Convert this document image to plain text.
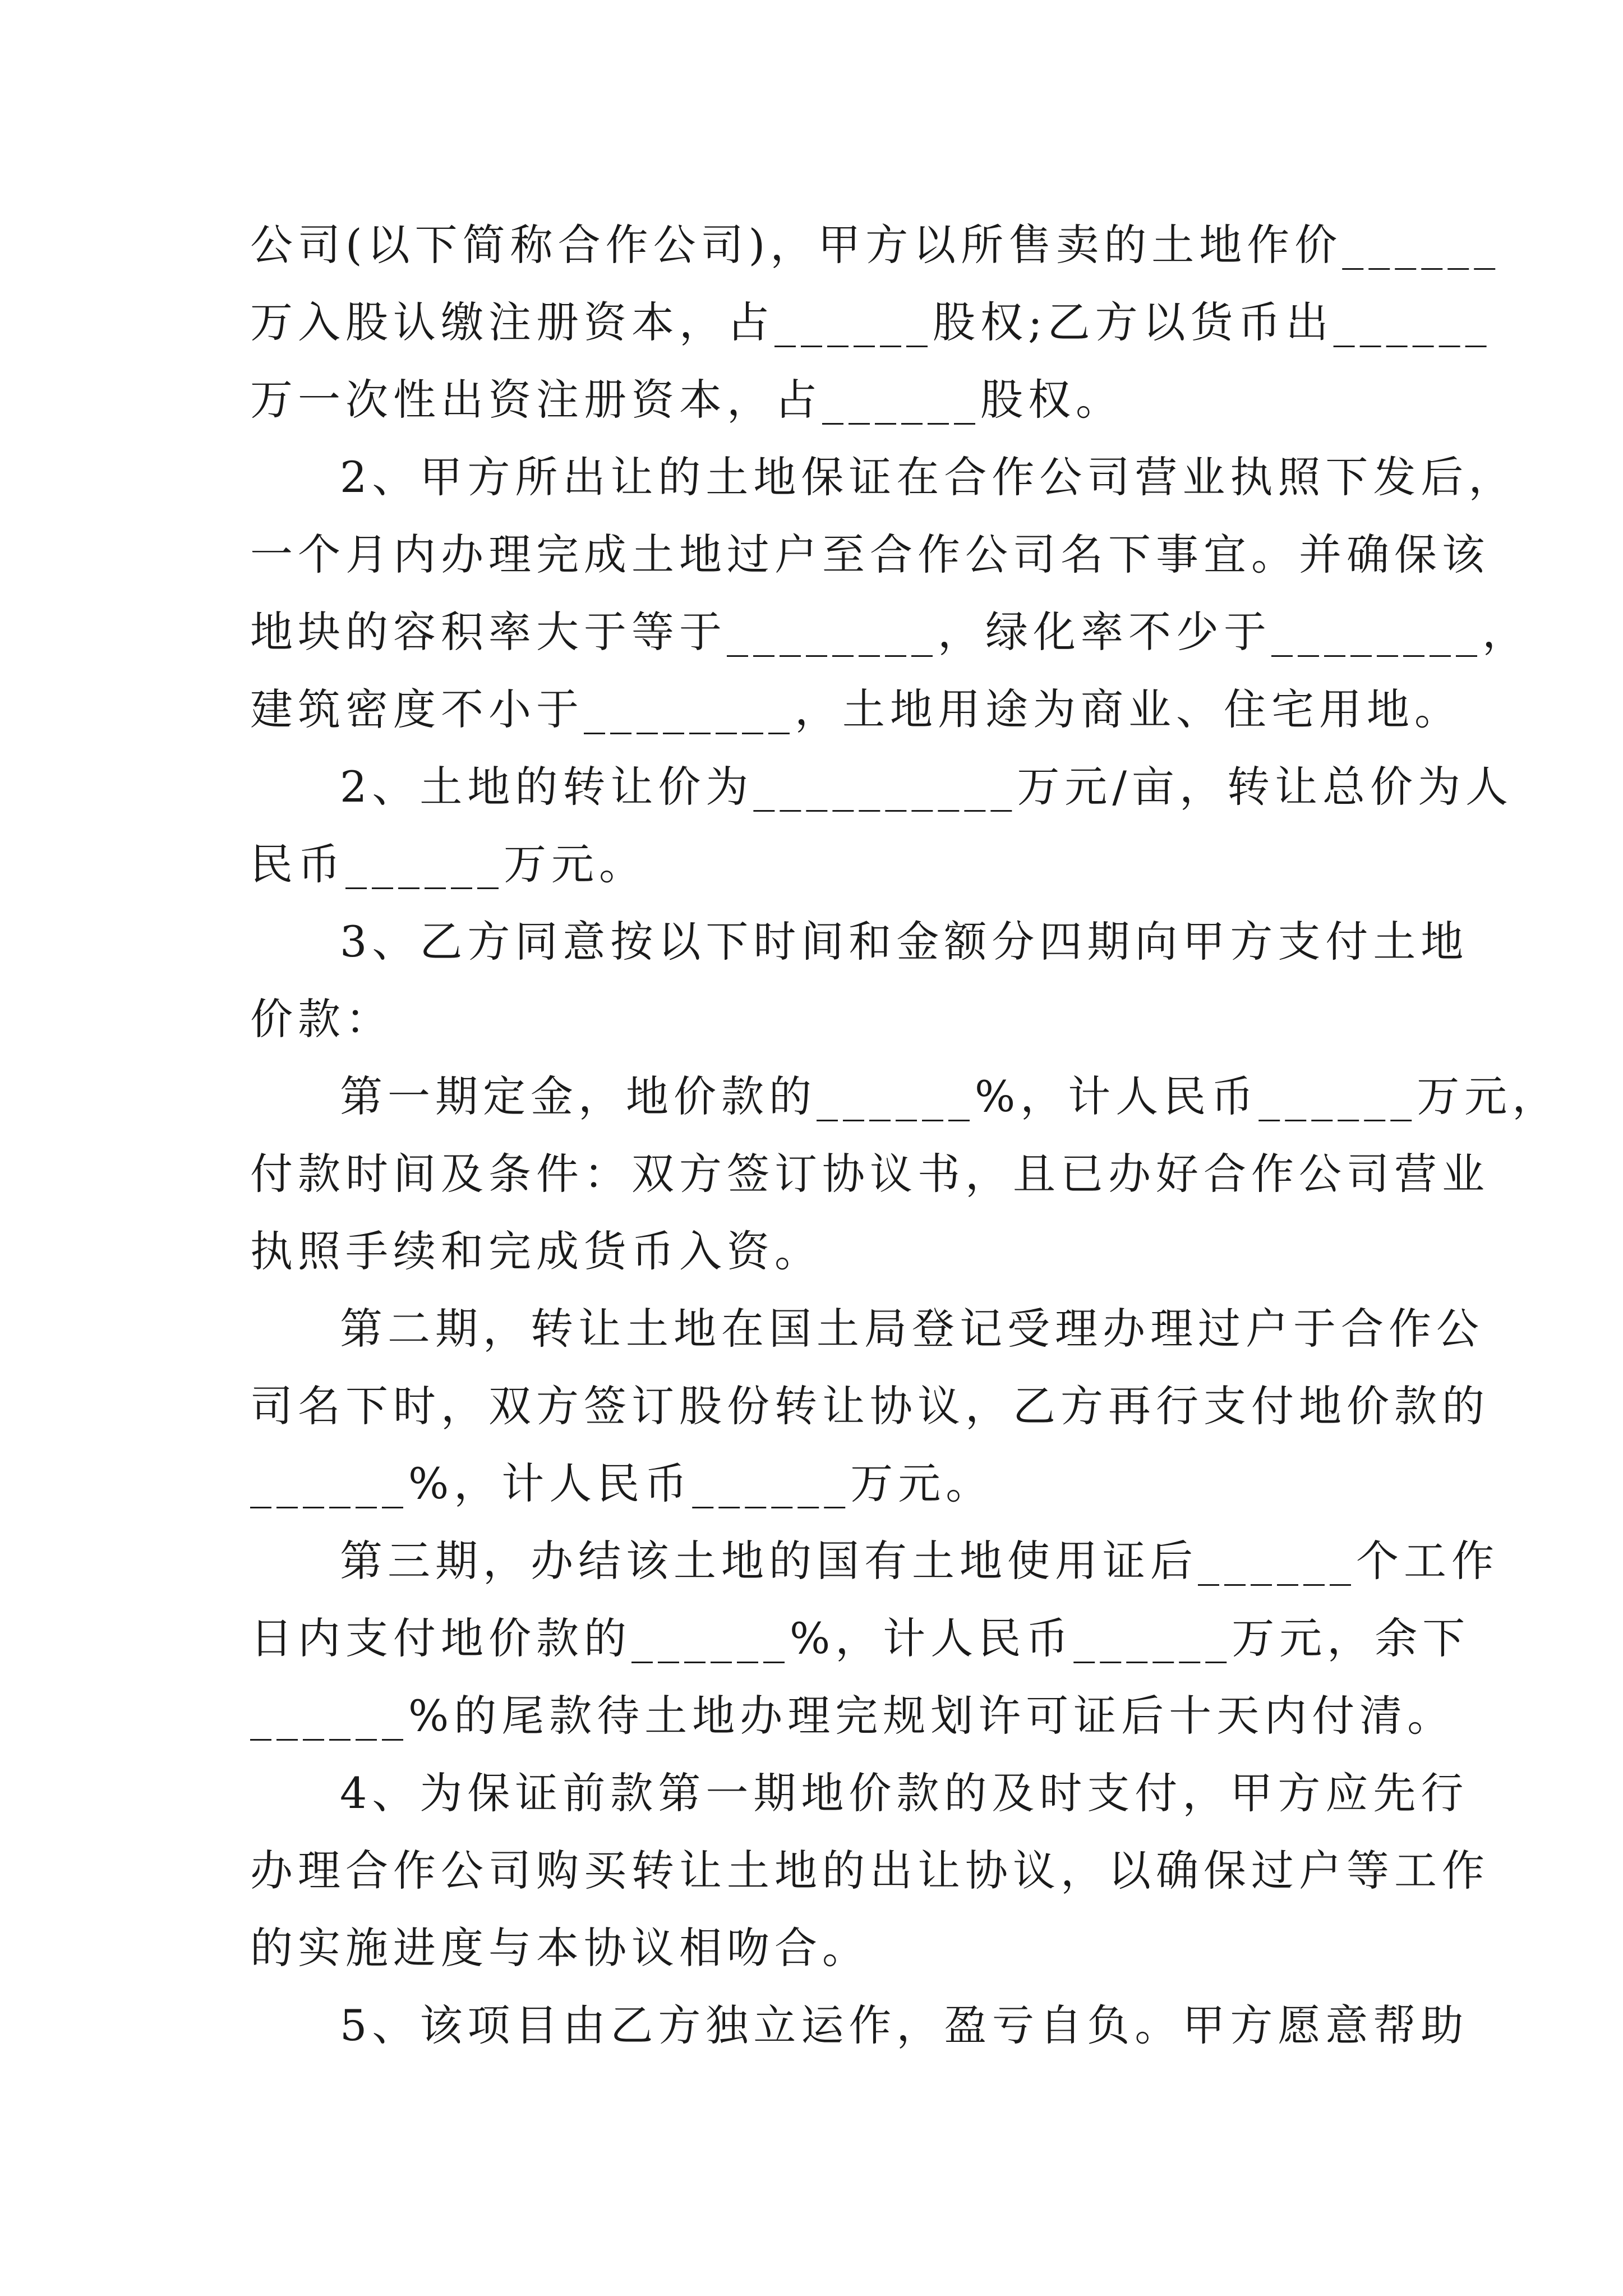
公司(以下简称合作公司)，甲方以所售卖的土地作价______
万入股认缴注册资本，占______股权;乙方以货币出______
万一次性出资注册资本，占______股权。
2、甲方所出让的土地保证在合作公司营业执照下发后，
一个月内办理完成土地过户至合作公司名下事宜。并确保该
地块的容积率大于等于________，绿化率不少于________，
建筑密度不小于________，土地用途为商业、住宅用地。
2、土地的转让价为__________万元/亩，转让总价为人
民币______万元。
3、乙方同意按以下时间和金额分四期向甲方支付土地
价款：
第一期定金，地价款的______%，计人民币______万元，
付款时间及条件：双方签订协议书，且已办好合作公司营业
执照手续和完成货币入资。
第二期，转让土地在国土局登记受理办理过户于合作公
司名下时，双方签订股份转让协议，乙方再行支付地价款的
______%，计人民币______万元。
第三期，办结该土地的国有土地使用证后______个工作
日内支付地价款的______%，计人民币______万元，余下
______%的尾款待土地办理完规划许可证后十天内付清。
4、为保证前款第一期地价款的及时支付，甲方应先行
办理合作公司购买转让土地的出让协议，以确保过户等工作
的实施进度与本协议相吻合。
5、该项目由乙方独立运作，盈亏自负。甲方愿意帮助
